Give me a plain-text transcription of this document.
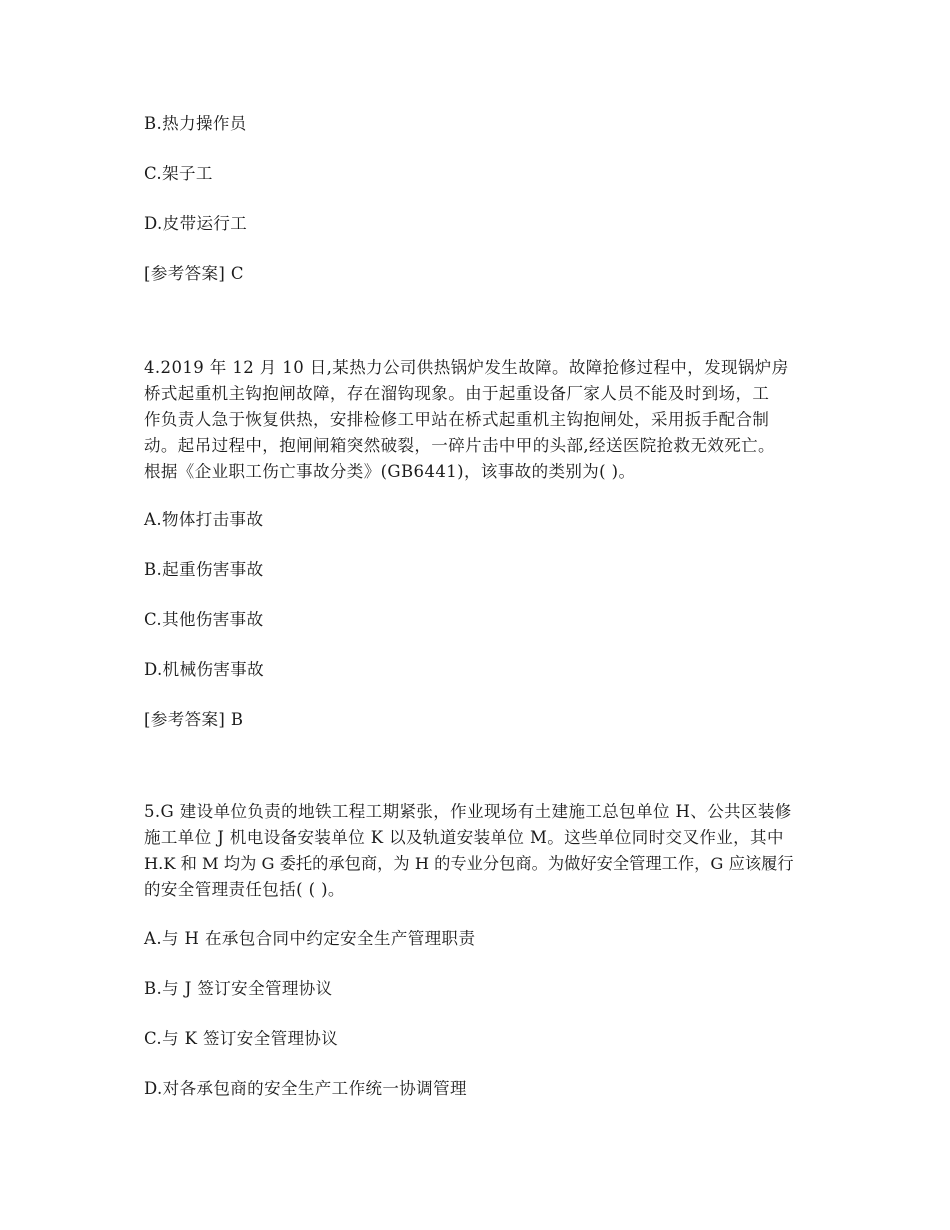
B.热力操作员
C.架子工
D.皮带运行工
[参考答案] C
4.2019 年 12 月 10 日,某热力公司供热锅炉发生故障。故障抢修过程中，发现锅炉房
桥式起重机主钩抱闸故障，存在溜钩现象。由于起重设备厂家人员不能及时到场，工
作负责人急于恢复供热，安排检修工甲站在桥式起重机主钩抱闸处，采用扳手配合制
动。起吊过程中，抱闸闸箱突然破裂，一碎片击中甲的头部,经送医院抢救无效死亡。
根据《企业职工伤亡事故分类》(GB6441)，该事故的类别为( )。
A.物体打击事故
B.起重伤害事故
C.其他伤害事故
D.机械伤害事故
[参考答案] B
5.G 建设单位负责的地铁工程工期紧张，作业现场有土建施工总包单位 H、公共区装修
施工单位 J 机电设备安装单位 K 以及轨道安装单位 M。这些单位同时交叉作业，其中
H.K 和 M 均为 G 委托的承包商，为 H 的专业分包商。为做好安全管理工作，G 应该履行
的安全管理责任包括( ( )。
A.与 H 在承包合同中约定安全生产管理职责
B.与 J 签订安全管理协议
C.与 K 签订安全管理协议
D.对各承包商的安全生产工作统一协调管理
